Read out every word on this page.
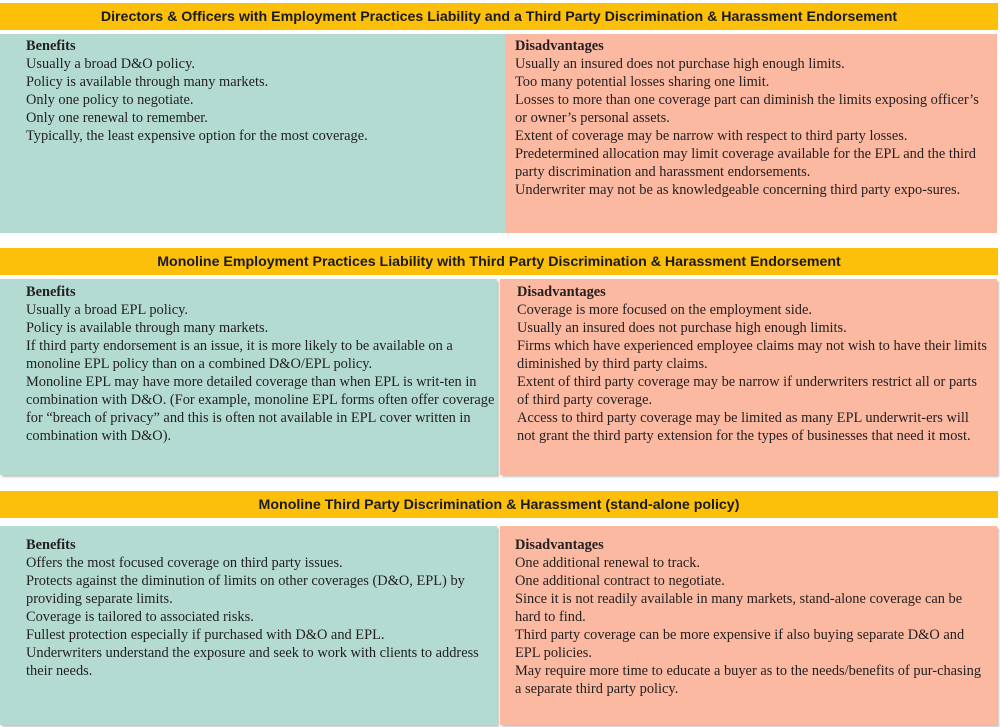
Directors & Officers with Employment Practices Liability and a Third Party Discrimination & Harassment Endorsement
Benefits
Usually a broad D&O policy.
Policy is available through many markets.
Only one policy to negotiate.
Only one renewal to remember.
Typically, the least expensive option for the most coverage.
Disadvantages
Usually an insured does not purchase high enough limits.
Too many potential losses sharing one limit.
Losses to more than one coverage part can diminish the limits exposing officer’s or owner’s personal assets.
Extent of coverage may be narrow with respect to third party losses.
Predetermined allocation may limit coverage available for the EPL and the third party discrimination and harassment endorsements.
Underwriter may not be as knowledgeable concerning third party expo-sures.
Monoline Employment Practices Liability with Third Party Discrimination & Harassment Endorsement
Benefits
Usually a broad EPL policy.
Policy is available through many markets.
If third party endorsement is an issue, it is more likely to be available on a monoline EPL policy than on a combined D&O/EPL policy.
Monoline EPL may have more detailed coverage than when EPL is writ-ten in combination with D&O. (For example, monoline EPL forms often offer coverage for “breach of privacy” and this is often not available in EPL cover written in combination with D&O).
Disadvantages
Coverage is more focused on the employment side.
Usually an insured does not purchase high enough limits.
Firms which have experienced employee claims may not wish to have their limits diminished by third party claims.
Extent of third party coverage may be narrow if underwriters restrict all or parts of third party coverage.
Access to third party coverage may be limited as many EPL underwrit-ers will not grant the third party extension for the types of businesses that need it most.
Monoline Third Party Discrimination & Harassment (stand-alone policy)
Benefits
Offers the most focused coverage on third party issues.
Protects against the diminution of limits on other coverages (D&O, EPL) by providing separate limits.
Coverage is tailored to associated risks.
Fullest protection especially if purchased with D&O and EPL.
Underwriters understand the exposure and seek to work with clients to address their needs.
Disadvantages
One additional renewal to track.
One additional contract to negotiate.
Since it is not readily available in many markets, stand-alone coverage can be hard to find.
Third party coverage can be more expensive if also buying separate D&O and EPL policies.
May require more time to educate a buyer as to the needs/benefits of pur-chasing a separate third party policy.
